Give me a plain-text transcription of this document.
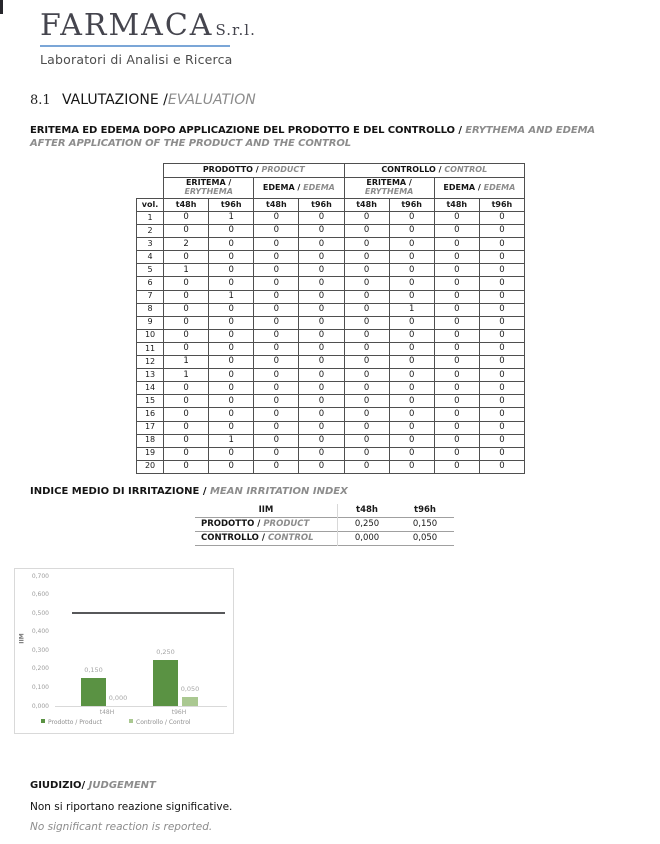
FARMACA S.r.l.
Laboratori di Analisi e Ricerca
8.1 VALUTAZIONE /EVALUATION
ERITEMA ED EDEMA DOPO APPLICAZIONE DEL PRODOTTO E DEL CONTROLLO / ERYTHEMA AND EDEMA AFTER APPLICATION OF THE PRODUCT AND THE CONTROL
	PRODOTTO / PRODUCT				CONTROLLO / CONTROL			

	ERITEMA /
ERYTHEMA		EDEMA / EDEMA		ERITEMA /
ERYTHEMA		EDEMA / EDEMA	
vol.	t48h	t96h	t48h	t96h	t48h	t96h	t48h	t96h
1	0	1	0	0	0	0	0	0
2	0	0	0	0	0	0	0	0
3	2	0	0	0	0	0	0	0
4	0	0	0	0	0	0	0	0
5	1	0	0	0	0	0	0	0
6	0	0	0	0	0	0	0	0
7	0	1	0	0	0	0	0	0
8	0	0	0	0	0	1	0	0
9	0	0	0	0	0	0	0	0
10	0	0	0	0	0	0	0	0
11	0	0	0	0	0	0	0	0
12	1	0	0	0	0	0	0	0
13	1	0	0	0	0	0	0	0
14	0	0	0	0	0	0	0	0
15	0	0	0	0	0	0	0	0
16	0	0	0	0	0	0	0	0
17	0	0	0	0	0	0	0	0
18	0	1	0	0	0	0	0	0
19	0	0	0	0	0	0	0	0
20	0	0	0	0	0	0	0	0
INDICE MEDIO DI IRRITAZIONE / MEAN IRRITATION INDEX
IIM	t48h	t96h
PRODOTTO / PRODUCT	0,250	0,150
CONTROLLO / CONTROL	0,000	0,050
0,700
0,600
0,500
0,400
0,300
0,200
0,100
0,000
IIM
0,150
0,000
t48H
0,250
0,050
t96H
Prodotto / Product	Controllo / Control
GIUDIZIO/ JUDGEMENT
Non si riportano reazione significative.
No significant reaction is reported.
